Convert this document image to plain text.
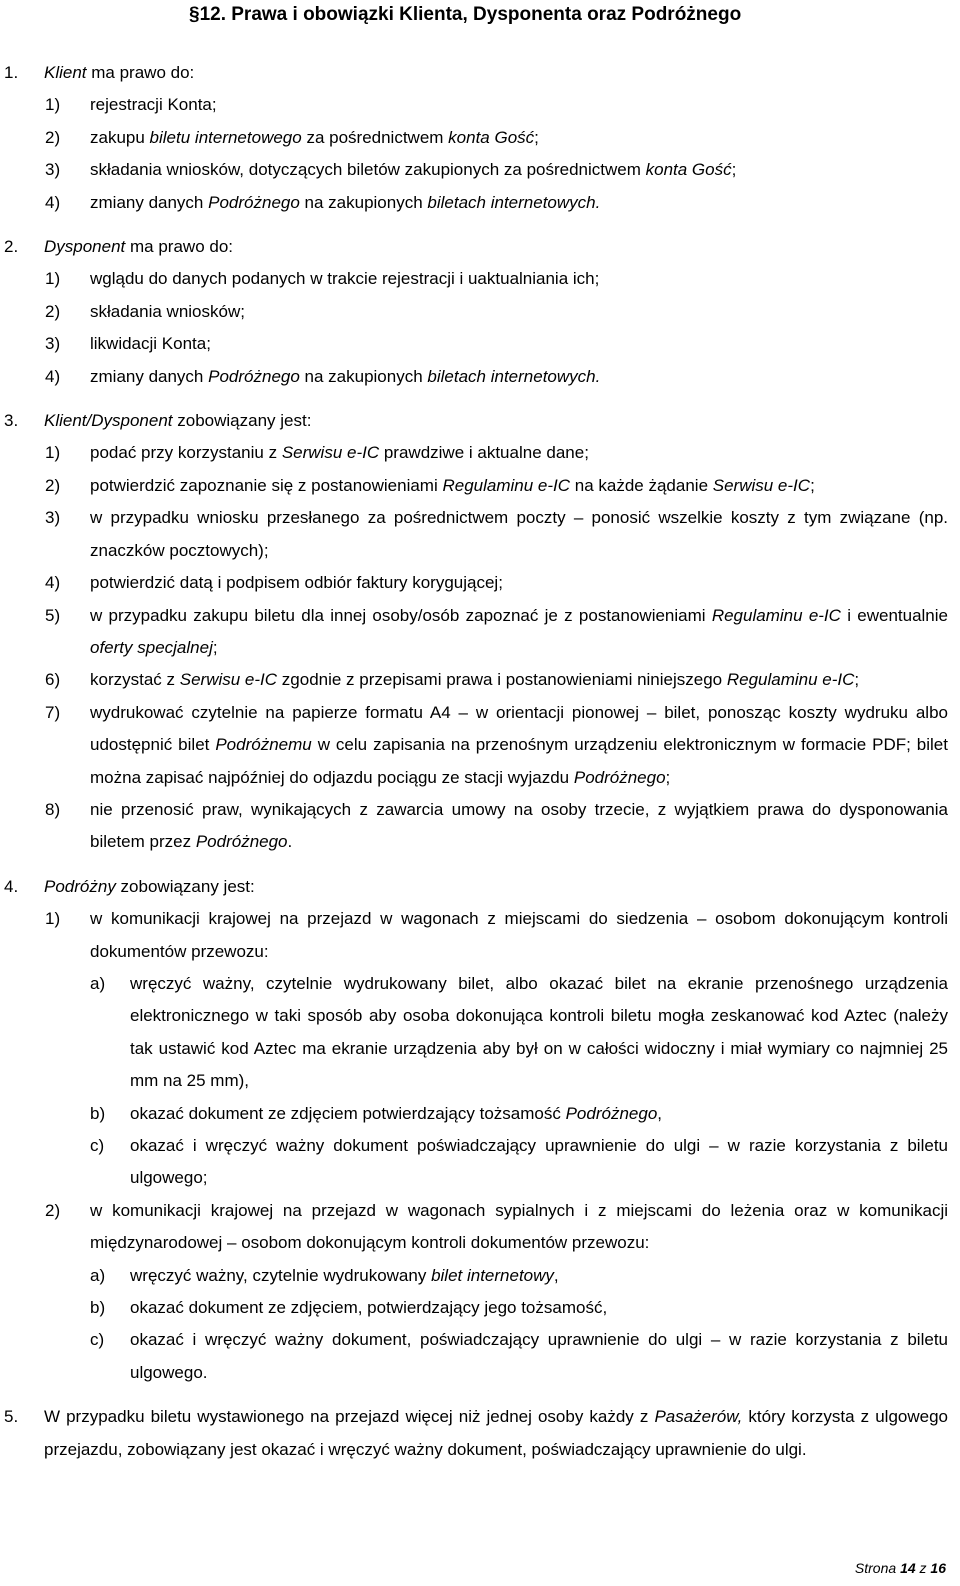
§12. Prawa i obowiązki Klienta, Dysponenta oraz Podróżnego
1. Klient ma prawo do:
1) rejestracji Konta;
2) zakupu biletu internetowego za pośrednictwem konta Gość;
3) składania wniosków, dotyczących biletów zakupionych za pośrednictwem konta Gość;
4) zmiany danych Podróżnego na zakupionych biletach internetowych.
2. Dysponent ma prawo do:
1) wglądu do danych podanych w trakcie rejestracji i uaktualniania ich;
2) składania wniosków;
3) likwidacji Konta;
4) zmiany danych Podróżnego na zakupionych biletach internetowych.
3. Klient/Dysponent zobowiązany jest:
1) podać przy korzystaniu z Serwisu e-IC prawdziwe i aktualne dane;
2) potwierdzić zapoznanie się z postanowieniami Regulaminu e-IC na każde żądanie Serwisu e-IC;
3) w przypadku wniosku przesłanego za pośrednictwem poczty – ponosić wszelkie koszty z tym związane (np. znaczków pocztowych);
4) potwierdzić datą i podpisem odbiór faktury korygującej;
5) w przypadku zakupu biletu dla innej osoby/osób zapoznać je z postanowieniami Regulaminu e-IC i ewentualnie oferty specjalnej;
6) korzystać z Serwisu e-IC zgodnie z przepisami prawa i postanowieniami niniejszego Regulaminu e-IC;
7) wydrukować czytelnie na papierze formatu A4 – w orientacji pionowej – bilet, ponosząc koszty wydruku albo udostępnić bilet Podróżnemu w celu zapisania na przenośnym urządzeniu elektronicznym w formacie PDF; bilet można zapisać najpóźniej do odjazdu pociągu ze stacji wyjazdu Podróżnego;
8) nie przenosić praw, wynikających z zawarcia umowy na osoby trzecie, z wyjątkiem prawa do dysponowania biletem przez Podróżnego.
4. Podróżny zobowiązany jest:
1) w komunikacji krajowej na przejazd w wagonach z miejscami do siedzenia – osobom dokonującym kontroli dokumentów przewozu:
a) wręczyć ważny, czytelnie wydrukowany bilet, albo okazać bilet na ekranie przenośnego urządzenia elektronicznego w taki sposób aby osoba dokonująca kontroli biletu mogła zeskanować kod Aztec (należy tak ustawić kod Aztec ma ekranie urządzenia aby był on w całości widoczny i miał wymiary co najmniej 25 mm na 25 mm),
b) okazać dokument ze zdjęciem potwierdzający tożsamość Podróżnego,
c) okazać i wręczyć ważny dokument poświadczający uprawnienie do ulgi – w razie korzystania z biletu ulgowego;
2) w komunikacji krajowej na przejazd w wagonach sypialnych i z miejscami do leżenia oraz w komunikacji międzynarodowej – osobom dokonującym kontroli dokumentów przewozu:
a) wręczyć ważny, czytelnie wydrukowany bilet internetowy,
b) okazać dokument ze zdjęciem, potwierdzający jego tożsamość,
c) okazać i wręczyć ważny dokument, poświadczający uprawnienie do ulgi – w razie korzystania z biletu ulgowego.
5. W przypadku biletu wystawionego na przejazd więcej niż jednej osoby każdy z Pasażerów, który korzysta z ulgowego przejazdu, zobowiązany jest okazać i wręczyć ważny dokument, poświadczający uprawnienie do ulgi.
Strona 14 z 16
